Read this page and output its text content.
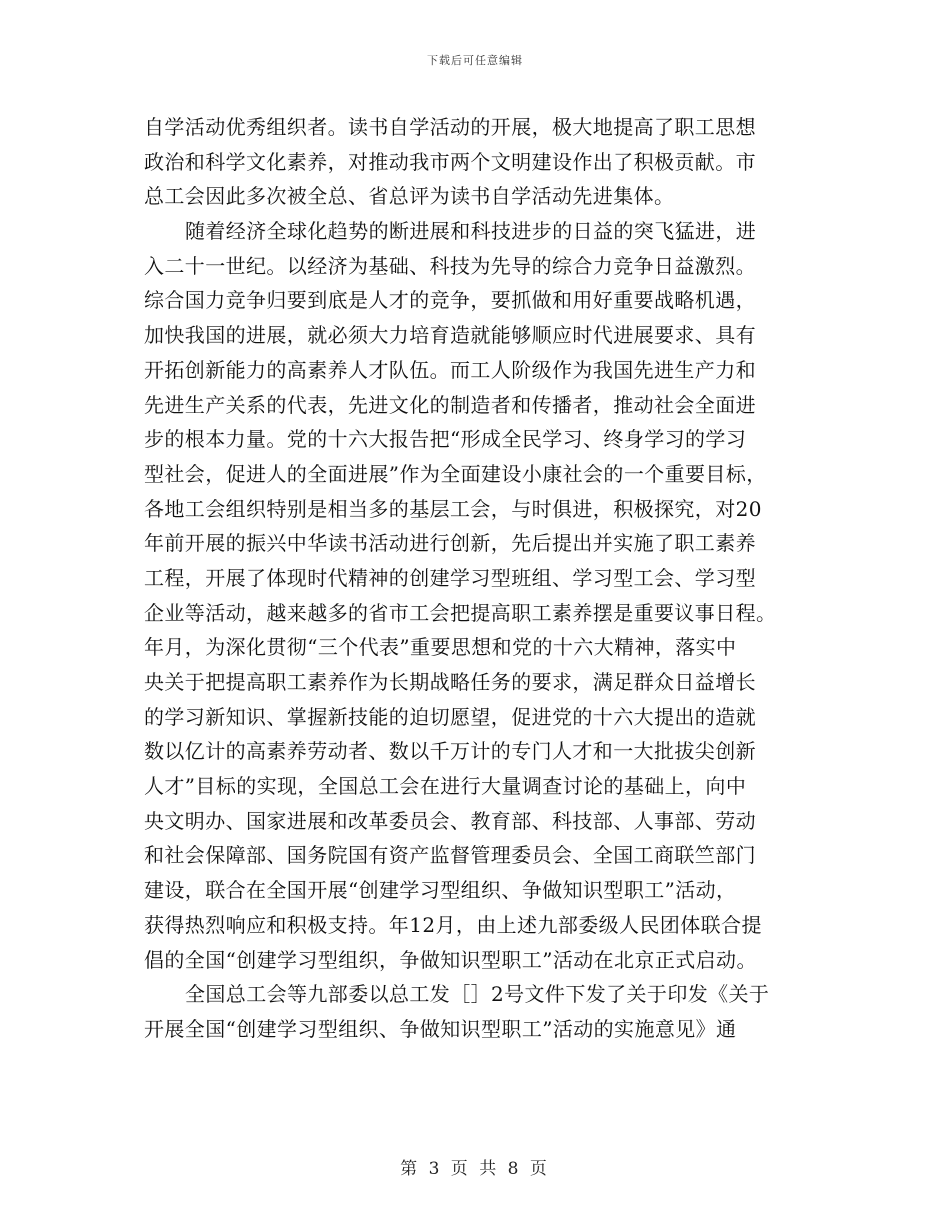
下载后可任意编辑
自学活动优秀组织者。读书自学活动的开展，极大地提高了职工思想
政治和科学文化素养，对推动我市两个文明建设作出了积极贡献。市
总工会因此多次被全总、省总评为读书自学活动先进集体。
随着经济全球化趋势的断进展和科技进步的日益的突飞猛进，进
入二十一世纪。以经济为基础、科技为先导的综合力竞争日益激烈。
综合国力竞争归要到底是人才的竞争，要抓做和用好重要战略机遇，
加快我国的进展，就必须大力培育造就能够顺应时代进展要求、具有
开拓创新能力的高素养人才队伍。而工人阶级作为我国先进生产力和
先进生产关系的代表，先进文化的制造者和传播者，推动社会全面进
步的根本力量。党的十六大报告把“形成全民学习、终身学习的学习
型社会，促进人的全面进展”作为全面建设小康社会的一个重要目标，
各地工会组织特别是相当多的基层工会，与时俱进，积极探究，对20
年前开展的振兴中华读书活动进行创新，先后提出并实施了职工素养
工程，开展了体现时代精神的创建学习型班组、学习型工会、学习型
企业等活动，越来越多的省市工会把提高职工素养摆是重要议事日程。
年月，为深化贯彻“三个代表”重要思想和党的十六大精神，落实中
央关于把提高职工素养作为长期战略任务的要求，满足群众日益增长
的学习新知识、掌握新技能的迫切愿望，促进党的十六大提出的造就
数以亿计的高素养劳动者、数以千万计的专门人才和一大批拔尖创新
人才”目标的实现，全国总工会在进行大量调查讨论的基础上，向中
央文明办、国家进展和改革委员会、教育部、科技部、人事部、劳动
和社会保障部、国务院国有资产监督管理委员会、全国工商联竺部门
建设，联合在全国开展“创建学习型组织、争做知识型职工”活动，
获得热烈响应和积极支持。年12月，由上述九部委级人民团体联合提
倡的全国“创建学习型组织，争做知识型职工”活动在北京正式启动。
全国总工会等九部委以总工发［］2号文件下发了关于印发《关于
开展全国“创建学习型组织、争做知识型职工”活动的实施意见》通
第 3 页 共 8 页
